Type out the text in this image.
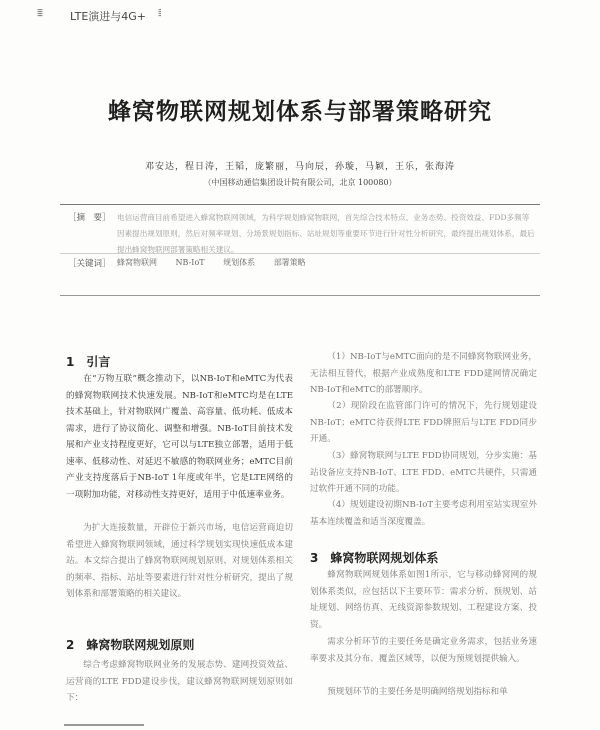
⦙⦙⦙⦙	LTE演进与4G+ ⦙⦙
蜂窝物联网规划体系与部署策略研究
邓安达，程日涛，王韬，庞繁丽，马向辰，孙璇，马颖，王乐，张海涛
（中国移动通信集团设计院有限公司，北京 100080）
［摘　要］ 电信运营商目前希望进入蜂窝物联网领域，为科学规划蜂窝物联网，首先综合技术特点、业务态势、投资效益、FDD多频等因素提出规划原则，然后对频率规划、分场景规划指标、站址规划等重要环节进行针对性分析研究，最终提出规划体系，最后提出蜂窝物联网部署策略相关建议。

［关键词］ 蜂窝物联网 NB-IoT 规划体系 部署策略
1　引言

在“万物互联”概念推动下，以NB-IoT和eMTC为代表的蜂窝物联网技术快速发展。NB-IoT和eMTC均是在LTE技术基础上，针对物联网广覆盖、高容量、低功耗、低成本需求，进行了协议简化、调整和增强。NB-IoT目前技术发展和产业支持程度更好，它可以与LTE独立部署，适用于低速率、低移动性、对延迟不敏感的物联网业务；eMTC目前产业支持度落后于NB-IoT 1年度或年半，它是LTE网络的一项附加功能，对移动性支持更好，适用于中低速率业务。

为扩大连接数量，开辟位于新兴市场，电信运营商迫切希望进入蜂窝物联网领域，通过科学规划实现快速低成本建站。本文综合提出了蜂窝物联网规划原则、对规划体系相关的频率、指标、站址等要素进行针对性分析研究，提出了规划体系和部署策略的相关建议。

2　蜂窝物联网规划原则

综合考虑蜂窝物联网业务的发展态势、建网投资效益、运营商的LTE FDD建设步伐，建议蜂窝物联网规划原则如下：

（1）NB-IoT与eMTC面向的是不同蜂窝物联网业务，无法相互替代，根据产业成熟度和LTE FDD建网情况确定NB-IoT和eMTC的部署顺序。

（2）现阶段在监管部门许可的情况下，先行规划建设NB-IoT；eMTC待获得LTE FDD牌照后与LTE FDD同步开通。

（3）蜂窝物联网与LTE FDD协同规划，分步实施：基站设备应支持NB-IoT、LTE FDD、eMTC共硬件，只需通过软件开通不同的功能。

（4）规划建设初期NB-IoT主要考虑利用室站实现室外基本连续覆盖和适当深度覆盖。

3　蜂窝物联网规划体系

蜂窝物联网规划体系如图1所示，它与移动蜂窝网的规划体系类似，应包括以下主要环节：需求分析、预规划、站址规划、网络仿真、无线资源参数规划、工程建设方案、投资。

需求分析环节的主要任务是确定业务需求，包括业务速率要求及其分布、覆盖区域等，以便为预规划提供输入。

预规划环节的主要任务是明确网络规划指标和单
